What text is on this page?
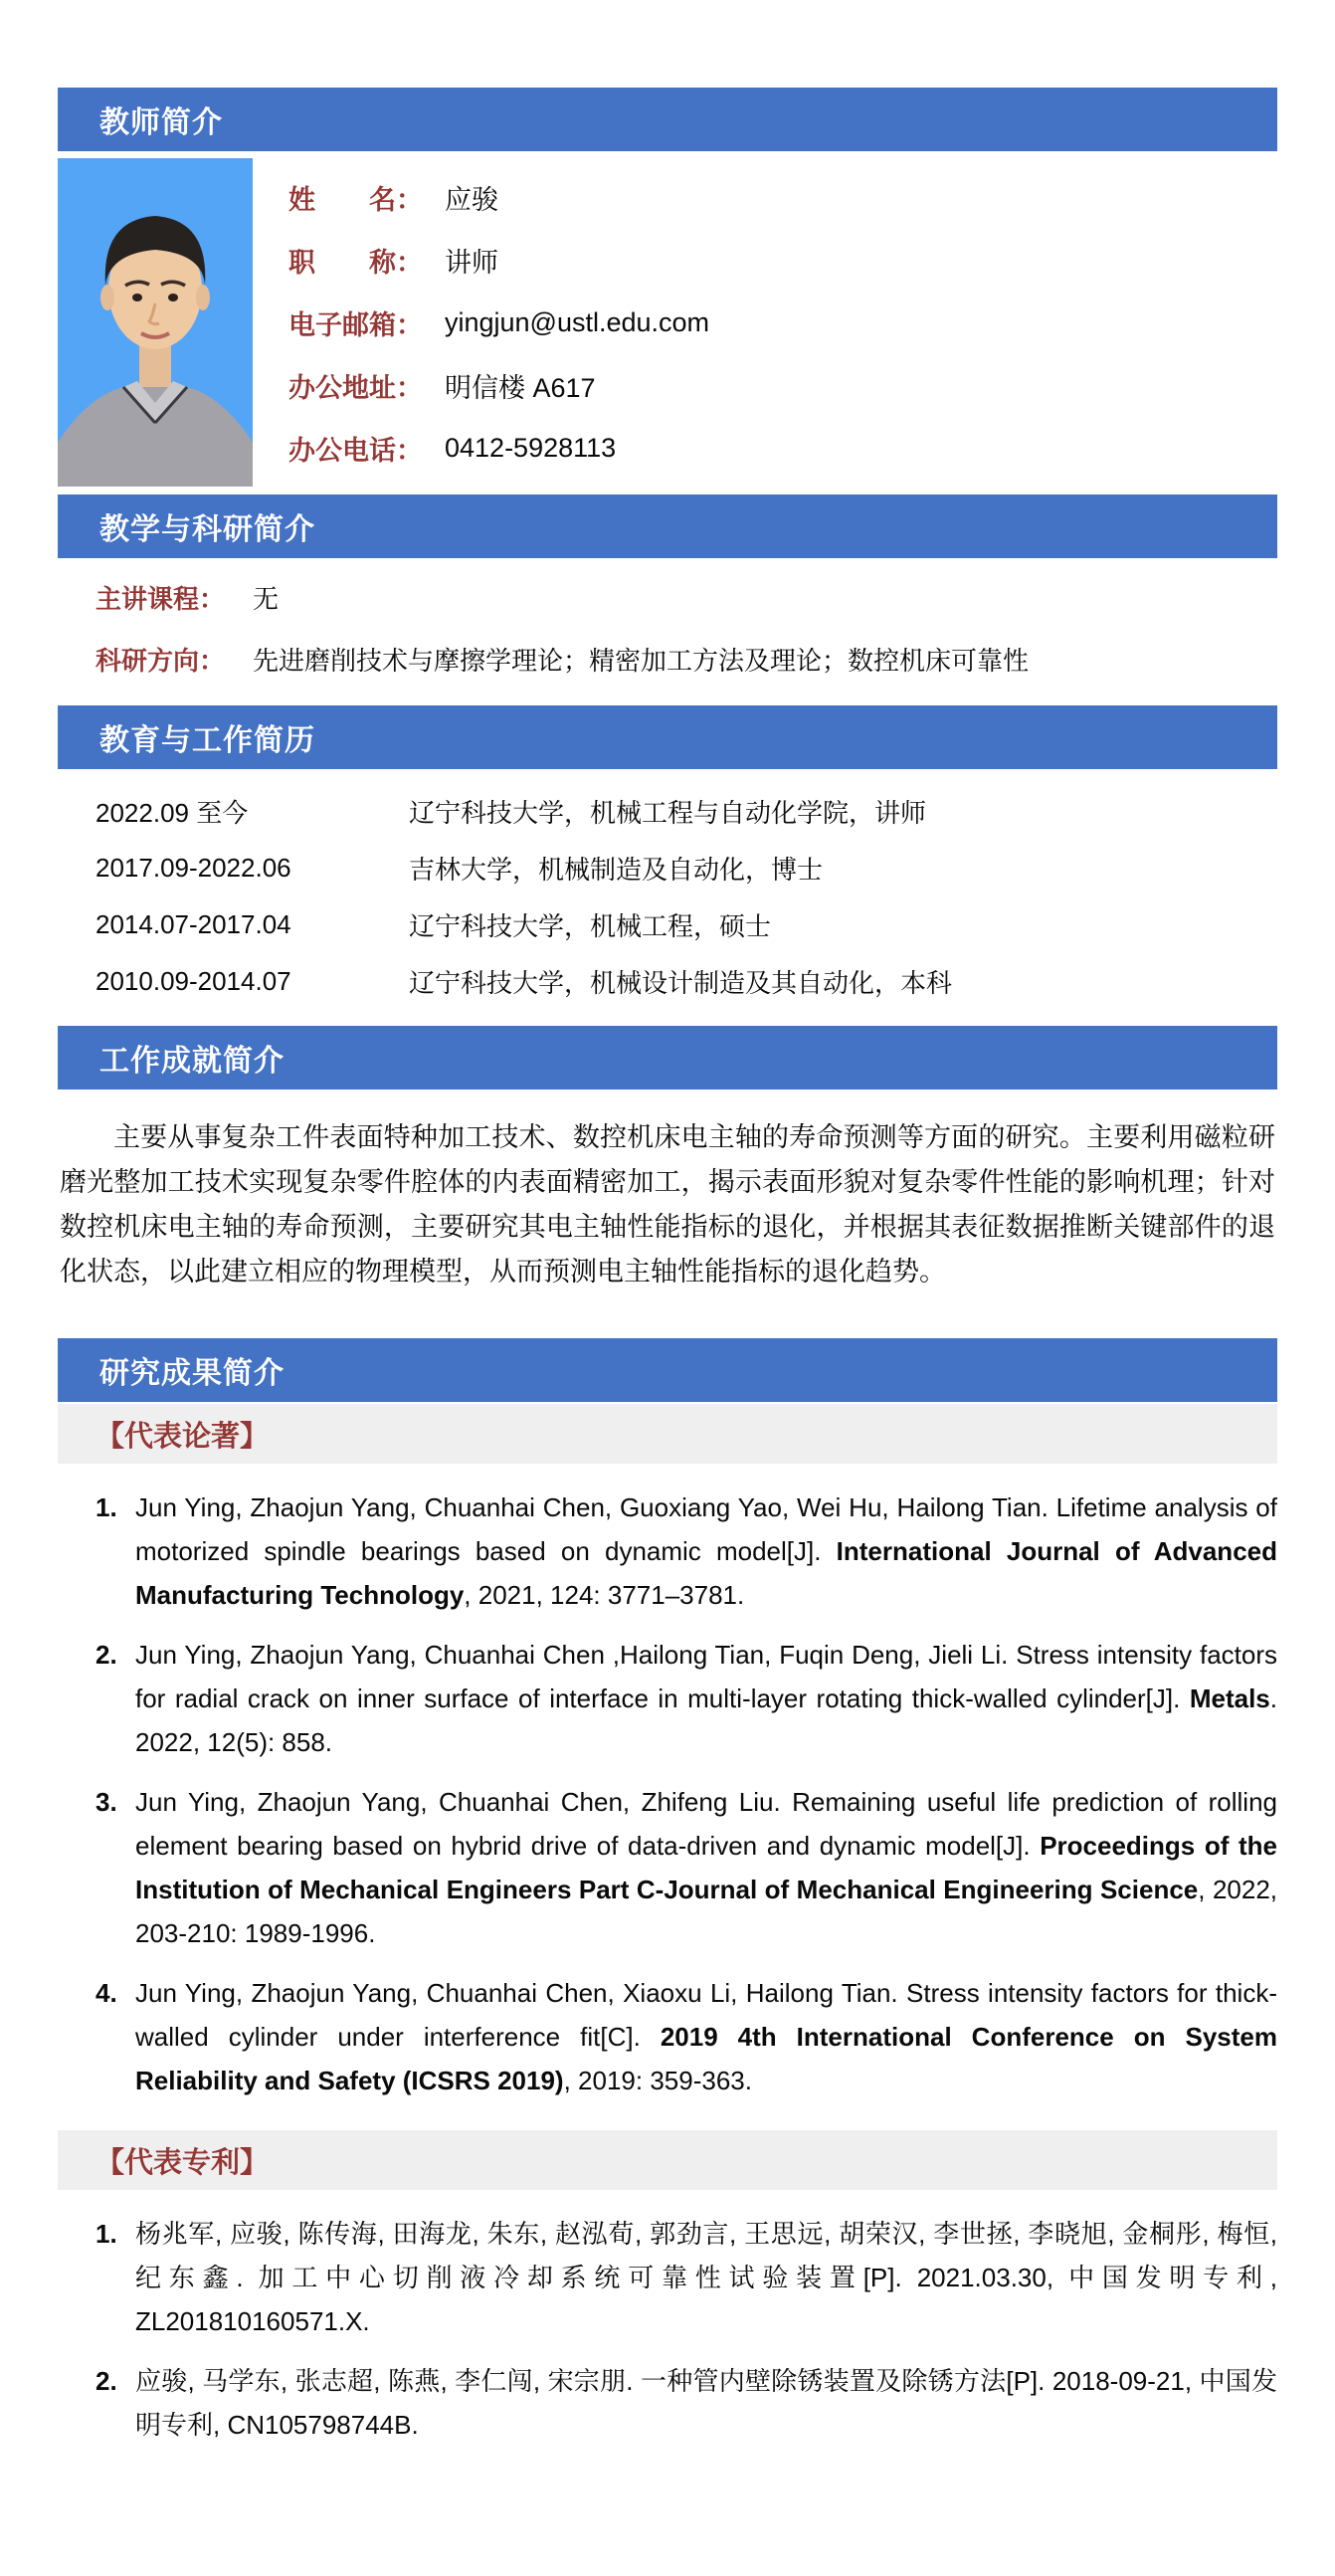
教师简介
姓　　名： 应骏
职　　称： 讲师
电子邮箱： yingjun@ustl.edu.com
办公地址： 明信楼 A617
办公电话： 0412-5928113
教学与科研简介
主讲课程： 无
科研方向： 先进磨削技术与摩擦学理论；精密加工方法及理论；数控机床可靠性
教育与工作简历
2022.09 至今	辽宁科技大学，机械工程与自动化学院，讲师
2017.09-2022.06	吉林大学，机械制造及自动化，博士
2014.07-2017.04	辽宁科技大学，机械工程，硕士
2010.09-2014.07	辽宁科技大学，机械设计制造及其自动化，本科
工作成就简介

主要从事复杂工件表面特种加工技术、数控机床电主轴的寿命预测等方面的研究。主要利用磁粒研磨光整加工技术实现复杂零件腔体的内表面精密加工，揭示表面形貌对复杂零件性能的影响机理；针对数控机床电主轴的寿命预测，主要研究其电主轴性能指标的退化，并根据其表征数据推断关键部件的退化状态，以此建立相应的物理模型，从而预测电主轴性能指标的退化趋势。

研究成果简介
【代表论著】
1. Jun Ying, Zhaojun Yang, Chuanhai Chen, Guoxiang Yao, Wei Hu, Hailong Tian. Lifetime analysis of motorized spindle bearings based on dynamic model[J]. International Journal of Advanced Manufacturing Technology, 2021, 124: 3771–3781.
2. Jun Ying, Zhaojun Yang, Chuanhai Chen ,Hailong Tian, Fuqin Deng, Jieli Li. Stress intensity factors for radial crack on inner surface of interface in multi-layer rotating thick-walled cylinder[J]. Metals. 2022, 12(5): 858.
3. Jun Ying, Zhaojun Yang, Chuanhai Chen, Zhifeng Liu. Remaining useful life prediction of rolling element bearing based on hybrid drive of data-driven and dynamic model[J]. Proceedings of the Institution of Mechanical Engineers Part C-Journal of Mechanical Engineering Science, 2022, 203-210: 1989-1996.
4. Jun Ying, Zhaojun Yang, Chuanhai Chen, Xiaoxu Li, Hailong Tian. Stress intensity factors for thick-walled cylinder under interference fit[C]. 2019 4th International Conference on System Reliability and Safety (ICSRS 2019), 2019: 359-363.
【代表专利】
1. 杨兆军, 应骏, 陈传海, 田海龙, 朱东, 赵泓荀, 郭劲言, 王思远, 胡荣汉, 李世拯, 李晓旭, 金桐彤, 梅恒, 纪东鑫. 加工中心切削液冷却系统可靠性试验装置[P]. 2021.03.30, 中国发明专利, ZL201810160571.X.
2. 应骏, 马学东, 张志超, 陈燕, 李仁闯, 宋宗朋. 一种管内壁除锈装置及除锈方法[P]. 2018-09-21, 中国发明专利, CN105798744B.
